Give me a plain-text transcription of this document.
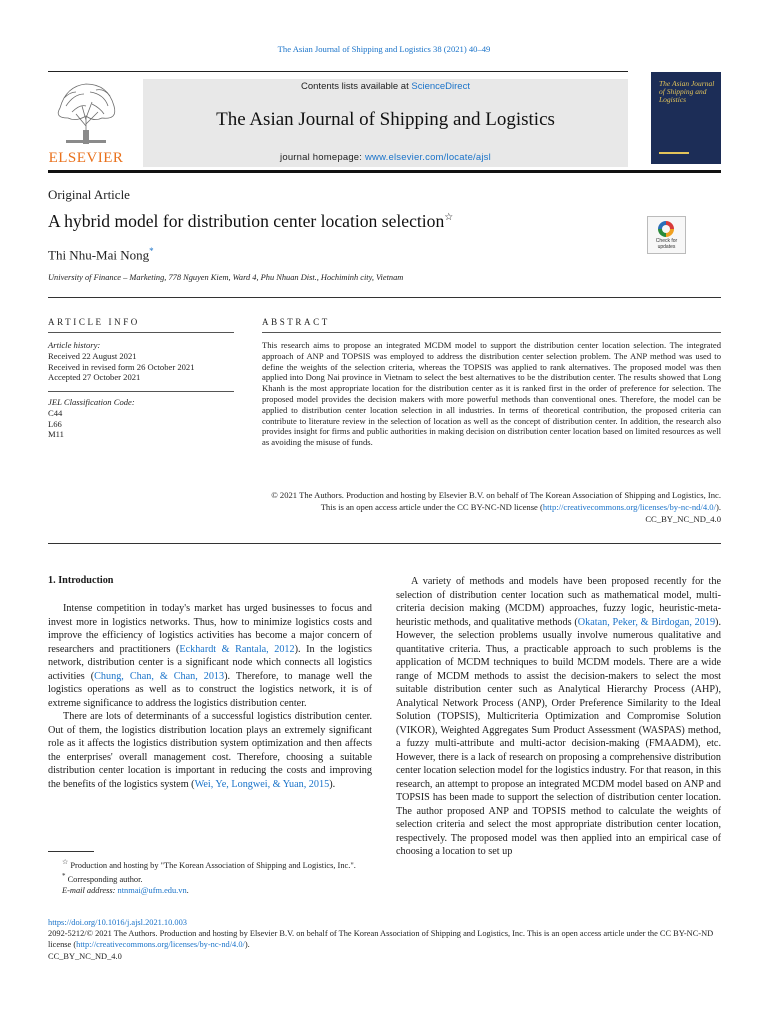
The Asian Journal of Shipping and Logistics 38 (2021) 40–49
ELSEVIER
Contents lists available at ScienceDirect
The Asian Journal of Shipping and Logistics
journal homepage: www.elsevier.com/locate/ajsl
The Asian Journal of Shipping and Logistics
Original Article
A hybrid model for distribution center location selection☆
Thi Nhu-Mai Nong*
University of Finance – Marketing, 778 Nguyen Kiem, Ward 4, Phu Nhuan Dist., Hochiminh city, Vietnam
Check for updates
ARTICLE INFO
Article history:
Received 22 August 2021
Received in revised form 26 October 2021
Accepted 27 October 2021
JEL Classification Code:
C44
L66
M11
ABSTRACT
This research aims to propose an integrated MCDM model to support the distribution center location selection. The integrated approach of ANP and TOPSIS was employed to address the distribution center selection problem. The ANP method was used to define the weights of the selection criteria, whereas the TOPSIS was applied to rank alternatives. The proposed model was then applied into Dong Nai province in Vietnam to select the best alternatives to be the distribution center. The results showed that Long Khanh is the most appropriate location for the distribution center as it is ranked first in the order of preference for selection. The proposed model provides the decision makers with more powerful methods than conventional ones. Therefore, the model can be applied to distribution center location selection in all industries. In terms of theoretical contribution, the proposed criteria can contribute to literature review in the selection of location as well as the concept of distribution center. In addition, the research also provides insight for firms and public authorities in making decision on distribution center location based on limited resources as well as avoiding the misuse of funds.
© 2021 The Authors. Production and hosting by Elsevier B.V. on behalf of The Korean Association of Shipping and Logistics, Inc. This is an open access article under the CC BY-NC-ND license (http://creativecommons.org/licenses/by-nc-nd/4.0/).
CC_BY_NC_ND_4.0
1. Introduction

Intense competition in today's market has urged businesses to focus and invest more in logistics networks. Thus, how to minimize logistics costs and improve the efficiency of logistics activities has become a major concern of researchers and practitioners (Eckhardt & Rantala, 2012). In the logistics network, distribution center is a significant node which connects all logistics activities (Chung, Chan, & Chan, 2013). Therefore, to manage well the logistics operations as well as to construct the logistics network, it is of extreme significance to address the logistics distribution center.

There are lots of determinants of a successful logistics distribution center. Out of them, the logistics distribution location plays an extremely significant role as it affects the logistics distribution system optimization and then affects the enterprises' overall management cost. Therefore, choosing a suitable distribution center location is important in reducing the costs and improving the benefits of the logistics system (Wei, Ye, Longwei, & Yuan, 2015).

A variety of methods and models have been proposed recently for the selection of distribution center location such as mathematical model, multi-criteria decision making (MCDM) approaches, fuzzy logic, heuristic-meta-heuristic methods, and qualitative methods (Okatan, Peker, & Birdogan, 2019). However, the selection problems usually involve numerous qualitative and quantitative criteria. Thus, a practicable approach to such problems is the application of MCDM techniques to build MCDM models. There are a wide range of MCDM methods to assist the decision-makers to select the most suitable distribution center such as Analytical Hierarchy Process (AHP), Analytical Network Process (ANP), Order Preference Similarity to the Ideal Solution (TOPSIS), Multicriteria Optimization and Compromise Solution (VIKOR), Weighted Aggregates Sum Product Assessment (WASPAS) method, a fuzzy multi-attribute and multi-actor decision-making (FMAADM), etc. However, there is a lack of research on proposing a comprehensive distribution center location selection model for the logistics industry. For that reason, in this research, an attempt to propose an integrated MCDM model based on ANP and TOPSIS has been made to support the selection of distribution center location. The author proposed ANP and TOPSIS method to calculate the weights of selection criteria and select the most appropriate distribution center location, respectively. The proposed model was then applied into an empirical case of choosing a location to set up

☆ Production and hosting by "The Korean Association of Shipping and Logistics, Inc.".
* Corresponding author.
E-mail address: ntnmai@ufm.edu.vn.
https://doi.org/10.1016/j.ajsl.2021.10.003
2092-5212/© 2021 The Authors. Production and hosting by Elsevier B.V. on behalf of The Korean Association of Shipping and Logistics, Inc. This is an open access article under the CC BY-NC-ND license (http://creativecommons.org/licenses/by-nc-nd/4.0/).
CC_BY_NC_ND_4.0
